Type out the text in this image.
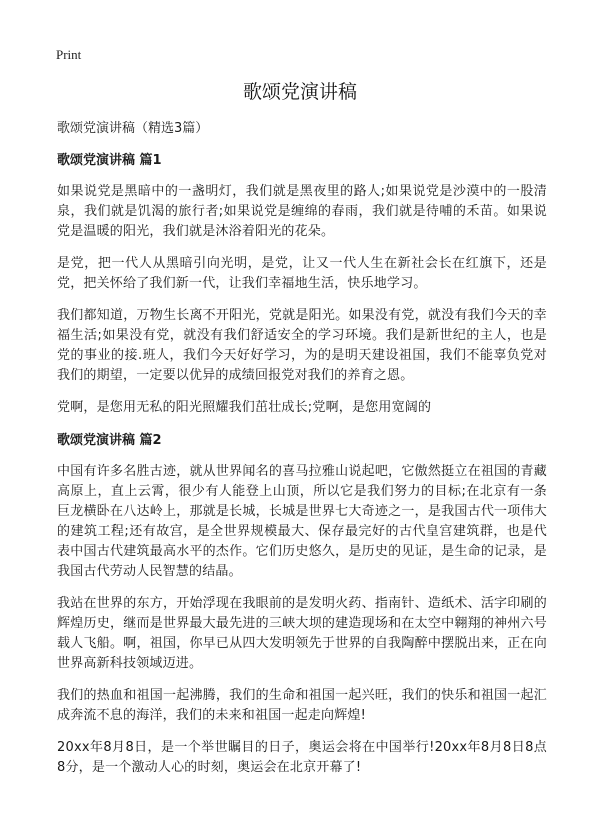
Print
歌颂党演讲稿
歌颂党演讲稿（精选3篇）
歌颂党演讲稿 篇1
如果说党是黑暗中的一盏明灯，我们就是黑夜里的路人;如果说党是沙漠中的一股清泉，我们就是饥渴的旅行者;如果说党是缠绵的春雨，我们就是待哺的禾苗。如果说党是温暖的阳光，我们就是沐浴着阳光的花朵。
是党，把一代人从黑暗引向光明，是党，让又一代人生在新社会长在红旗下，还是党，把关怀给了我们新一代，让我们幸福地生活，快乐地学习。
我们都知道，万物生长离不开阳光，党就是阳光。如果没有党，就没有我们今天的幸福生活;如果没有党，就没有我们舒适安全的学习环境。我们是新世纪的主人，也是党的事业的接.班人，我们今天好好学习，为的是明天建设祖国，我们不能辜负党对我们的期望，一定要以优异的成绩回报党对我们的养育之恩。
党啊，是您用无私的阳光照耀我们茁壮成长;党啊，是您用宽阔的
歌颂党演讲稿 篇2
中国有许多名胜古迹，就从世界闻名的喜马拉雅山说起吧，它傲然挺立在祖国的青藏高原上，直上云霄，很少有人能登上山顶，所以它是我们努力的目标;在北京有一条巨龙横卧在八达岭上，那就是长城，长城是世界七大奇迹之一，是我国古代一项伟大的建筑工程;还有故宫，是全世界规模最大、保存最完好的古代皇宫建筑群，也是代表中国古代建筑最高水平的杰作。它们历史悠久，是历史的见证，是生命的记录，是我国古代劳动人民智慧的结晶。
我站在世界的东方，开始浮现在我眼前的是发明火药、指南针、造纸术、活字印刷的辉煌历史，继而是世界最大最先进的三峡大坝的建造现场和在太空中翱翔的神州六号载人飞船。啊，祖国，你早已从四大发明领先于世界的自我陶醉中摆脱出来，正在向世界高新科技领域迈进。
我们的热血和祖国一起沸腾，我们的生命和祖国一起兴旺，我们的快乐和祖国一起汇成奔流不息的海洋，我们的未来和祖国一起走向辉煌!
20xx年8月8日，是一个举世瞩目的日子，奥运会将在中国举行!20xx年8月8日8点8分，是一个激动人心的时刻，奥运会在北京开幕了!
